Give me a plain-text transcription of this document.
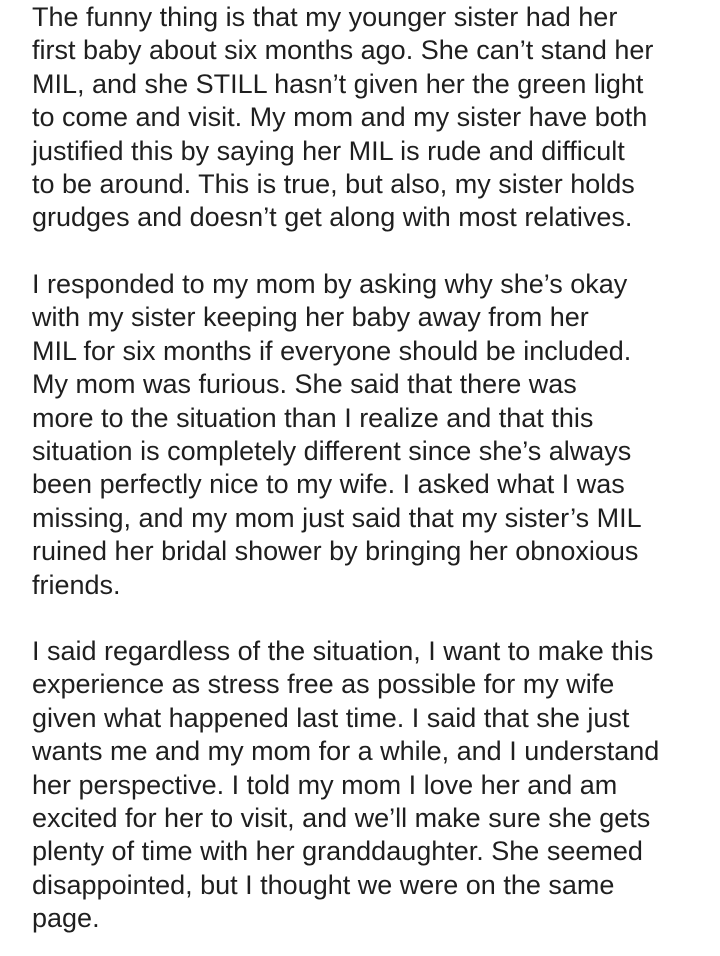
The funny thing is that my younger sister had her
first baby about six months ago. She can’t stand her
MIL, and she STILL hasn’t given her the green light
to come and visit. My mom and my sister have both
justified this by saying her MIL is rude and difficult
to be around. This is true, but also, my sister holds
grudges and doesn’t get along with most relatives.

I responded to my mom by asking why she’s okay
with my sister keeping her baby away from her
MIL for six months if everyone should be included.
My mom was furious. She said that there was
more to the situation than I realize and that this
situation is completely different since she’s always
been perfectly nice to my wife. I asked what I was
missing, and my mom just said that my sister’s MIL
ruined her bridal shower by bringing her obnoxious
friends.

I said regardless of the situation, I want to make this
experience as stress free as possible for my wife
given what happened last time. I said that she just
wants me and my mom for a while, and I understand
her perspective. I told my mom I love her and am
excited for her to visit, and we’ll make sure she gets
plenty of time with her granddaughter. She seemed
disappointed, but I thought we were on the same
page.
